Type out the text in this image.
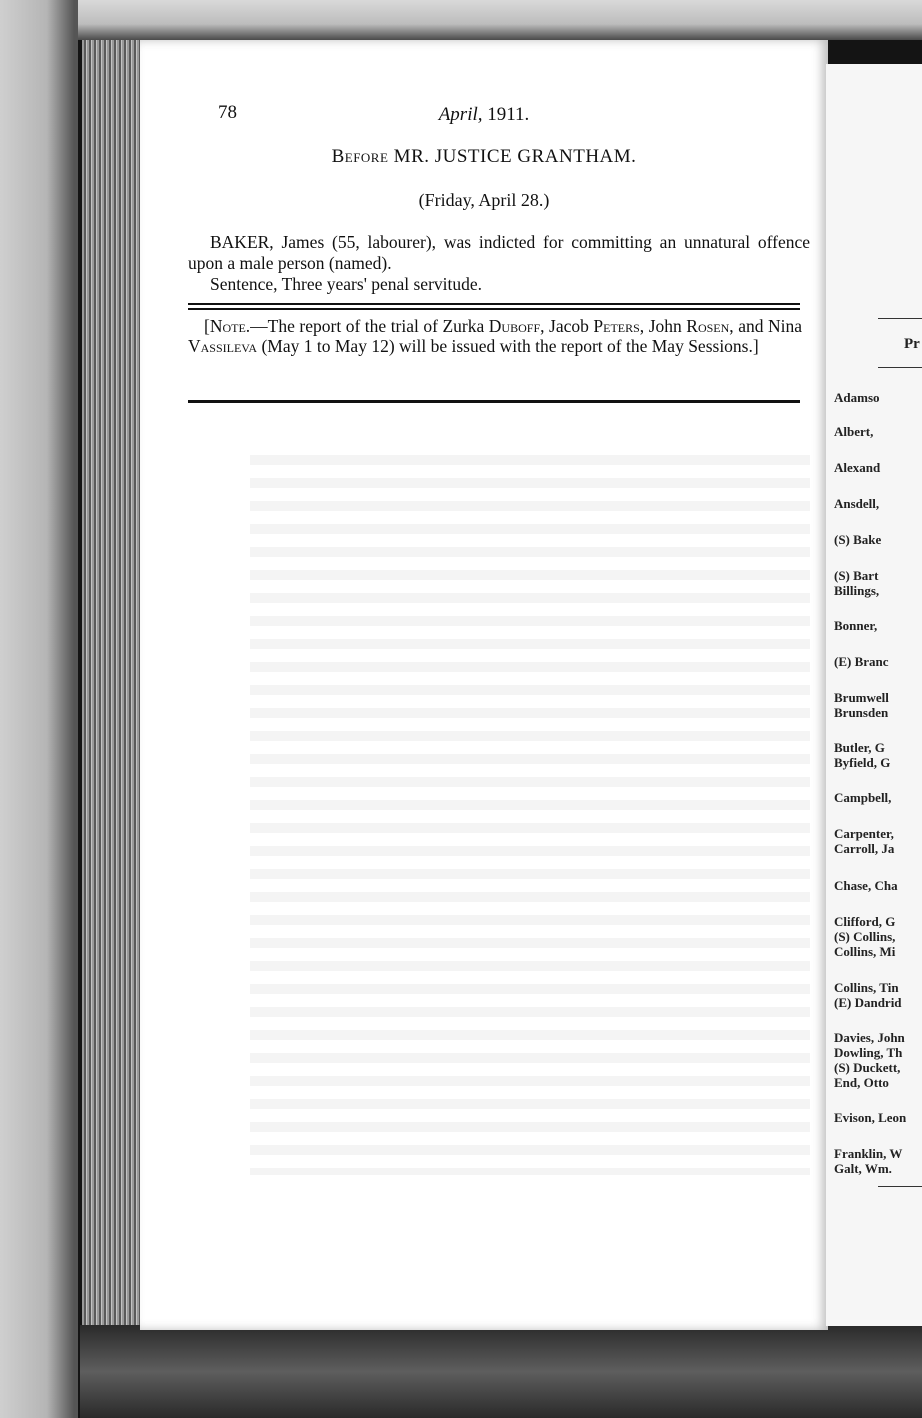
78	April, 1911.
Before MR. JUSTICE GRANTHAM.
(Friday, April 28.)

BAKER, James (55, labourer), was indicted for committing an unnatural offence upon a male person (named).

Sentence, Three years' penal servitude.

[Note.—The report of the trial of Zurka Duboff, Jacob Peters, John Rosen, and Nina Vassileva (May 1 to May 12) will be issued with the report of the May Sessions.]	Pr
Adamso
Albert,
Alexand
Ansdell,
(S) Bake
(S) Bart
Billings,
Bonner,
(E) Branc
Brumwell
Brunsden
Butler, G
Byfield, G
Campbell,
Carpenter,
Carroll, Ja
Chase, Cha
Clifford, G
(S) Collins,
Collins, Mi
Collins, Tin
(E) Dandrid
Davies, John
Dowling, Th
(S) Duckett,
End, Otto
Evison, Leon
Franklin, W
Galt, Wm.
